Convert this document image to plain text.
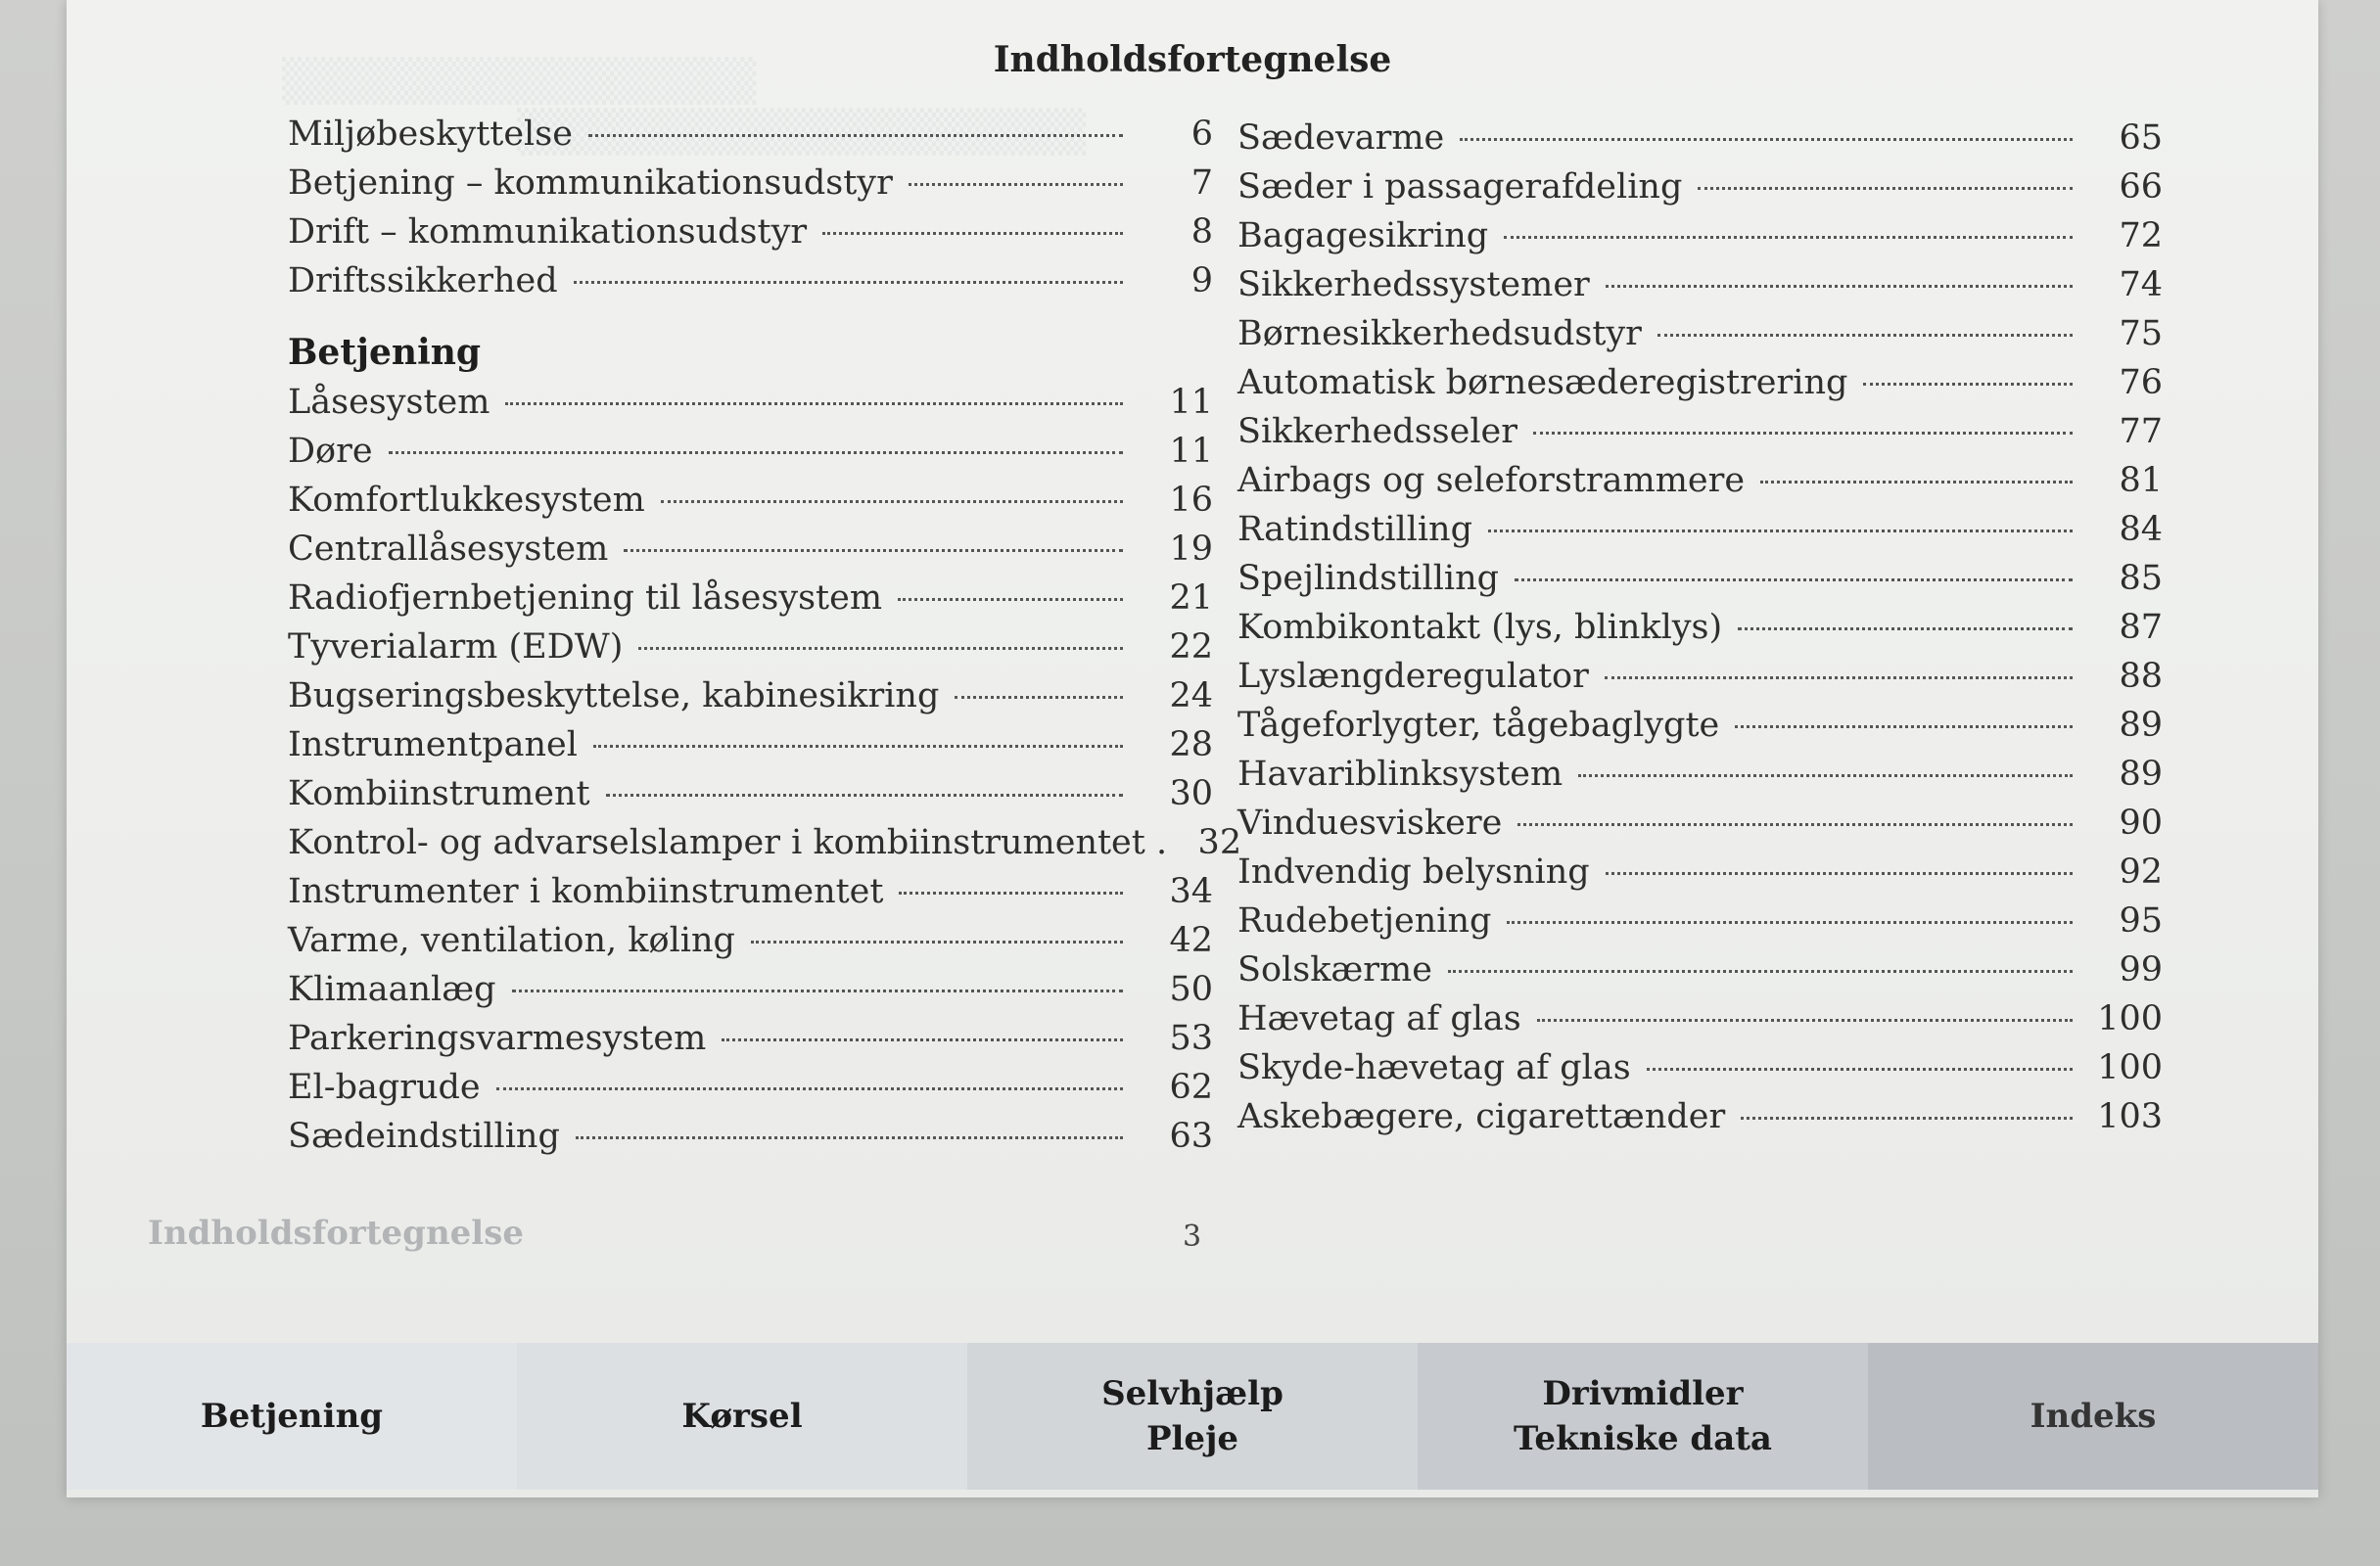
▒▒▒▒▒▒▒▒▒▒▒▒▒▒▒
▒▒▒▒▒▒▒▒▒▒▒▒▒▒▒▒▒▒
Indholdsfortegnelse
Miljøbeskyttelse	6
Betjening – kommunikationsudstyr	7
Drift – kommunikationsudstyr	8
Driftssikkerhed	9
Betjening
Låsesystem	11
Døre	11
Komfortlukkesystem	16
Centrallåsesystem	19
Radiofjernbetjening til låsesystem	21
Tyverialarm (EDW)	22
Bugseringsbeskyttelse, kabinesikring	24
Instrumentpanel	28
Kombiinstrument	30
Kontrol- og advarselslamper i kombiinstrumentet . 32
Instrumenter i kombiinstrumentet	34
Varme, ventilation, køling	42
Klimaanlæg	50
Parkeringsvarmesystem	53
El-bagrude	62
Sædeindstilling	63
Sædevarme	65
Sæder i passagerafdeling	66
Bagagesikring	72
Sikkerhedssystemer	74
Børnesikkerhedsudstyr	75
Automatisk børnesæderegistrering	76
Sikkerhedsseler	77
Airbags og seleforstrammere	81
Ratindstilling	84
Spejlindstilling	85
Kombikontakt (lys, blinklys)	87
Lyslængderegulator	88
Tågeforlygter, tågebaglygte	89
Havariblinksystem	89
Vinduesviskere	90
Indvendig belysning	92
Rudebetjening	95
Solskærme	99
Hævetag af glas	100
Skyde-hævetag af glas	100
Askebægere, cigarettænder	103
Indholdsfortegnelse	3
Betjening	Kørsel
Selvhjælp
Pleje
Drivmidler
Tekniske data
Indeks
